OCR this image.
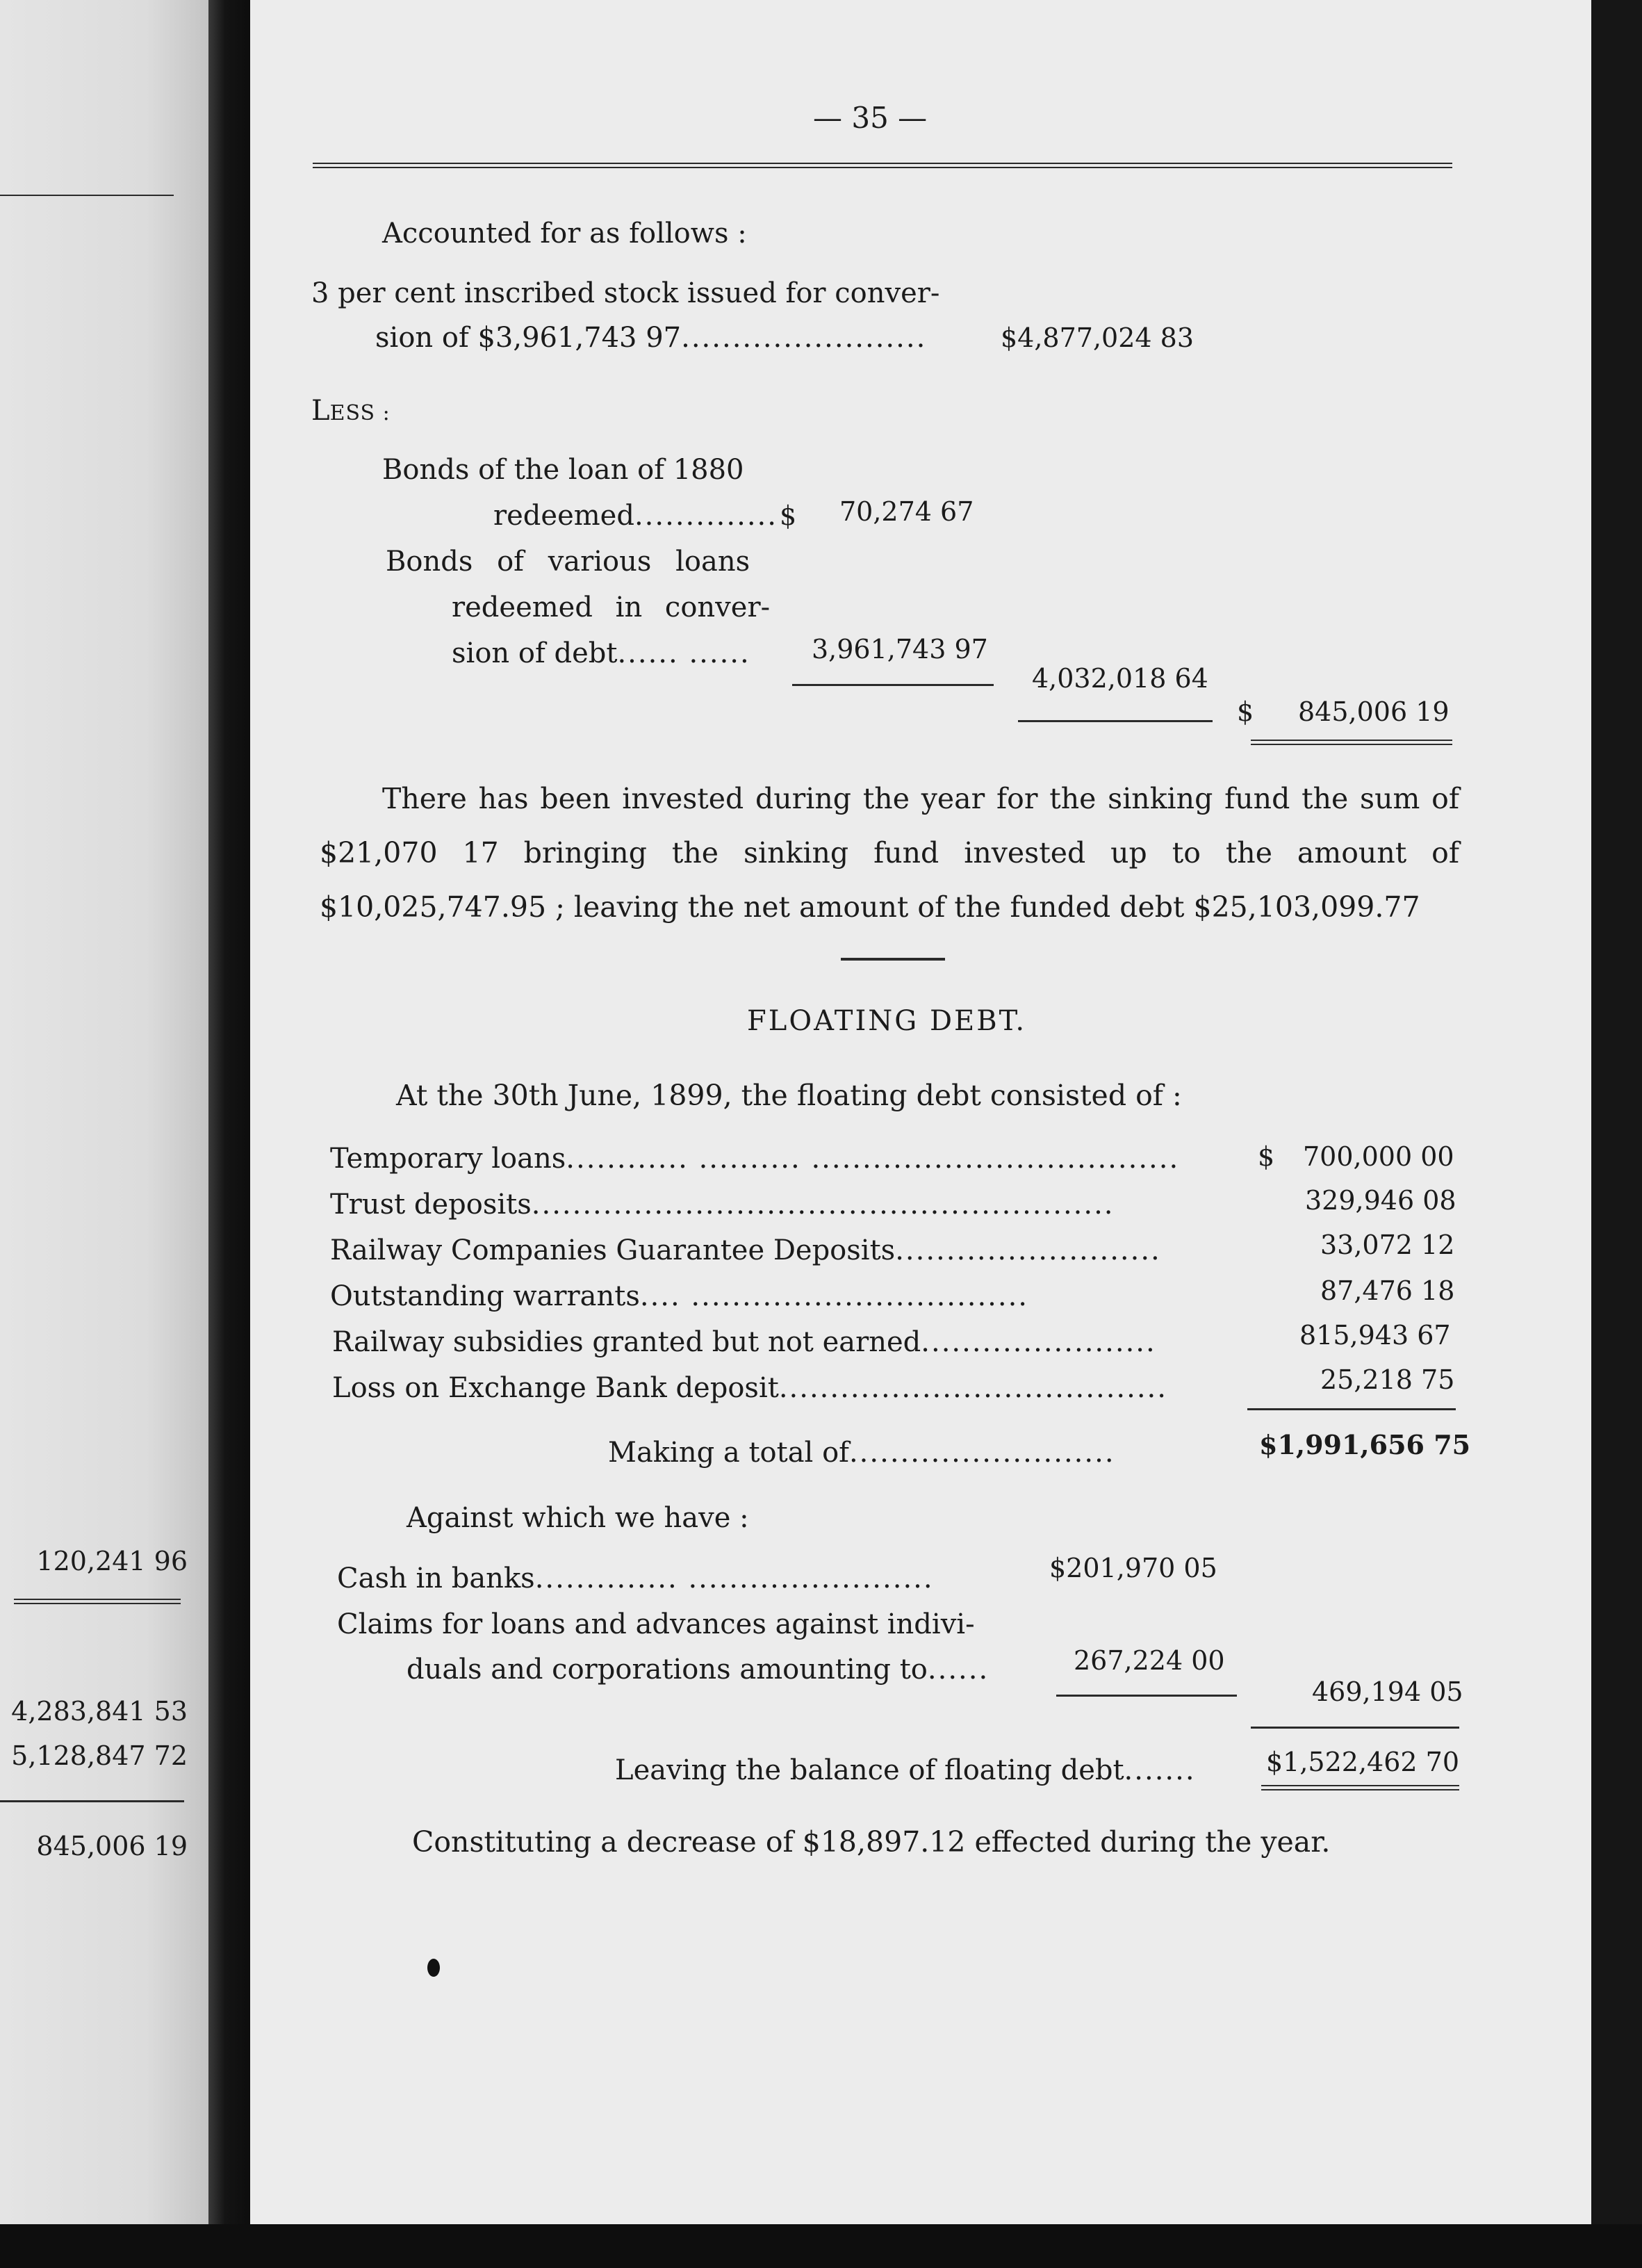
120,241 96
4,283,841 53
5,128,847 72
845,006 19
— 35 —
Accounted for as follows :
3 per cent inscribed stock issued for conver-
sion of $3,961,743 97........................	$4,877,024 83
LESS :
Bonds of the loan of 1880
redeemed.............. $ 70,274 67
Bonds of various loans
redeemed in conver-
sion of debt...... ...... 3,961,743 97
4,032,018 64
$ 845,006 19

There has been invested during the year for the sinking fund the sum of $21,070 17 bringing the sinking fund invested up to the amount of $10,025,747.95 ; leaving the net amount of the funded debt $25,103,099.77

FLOATING DEBT.
At the 30th June, 1899, the floating debt consisted of :
Temporary loans............ .......... ....................................	$ 700,000 00
Trust deposits.........................................................	329,946 08
Railway Companies Guarantee Deposits..........................	33,072 12
Outstanding warrants.... .................................	87,476 18
Railway subsidies granted but not earned.......................	815,943 67
Loss on Exchange Bank deposit......................................	25,218 75
Making a total of..........................	$1,991,656 75
Against which we have :
Cash in banks.............. ........................	$201,970 05
Claims for loans and advances against indivi-
duals and corporations amounting to......	267,224 00
469,194 05
Leaving the balance of floating debt.......	$1,522,462 70
Constituting a decrease of $18,897.12 effected during the year.
